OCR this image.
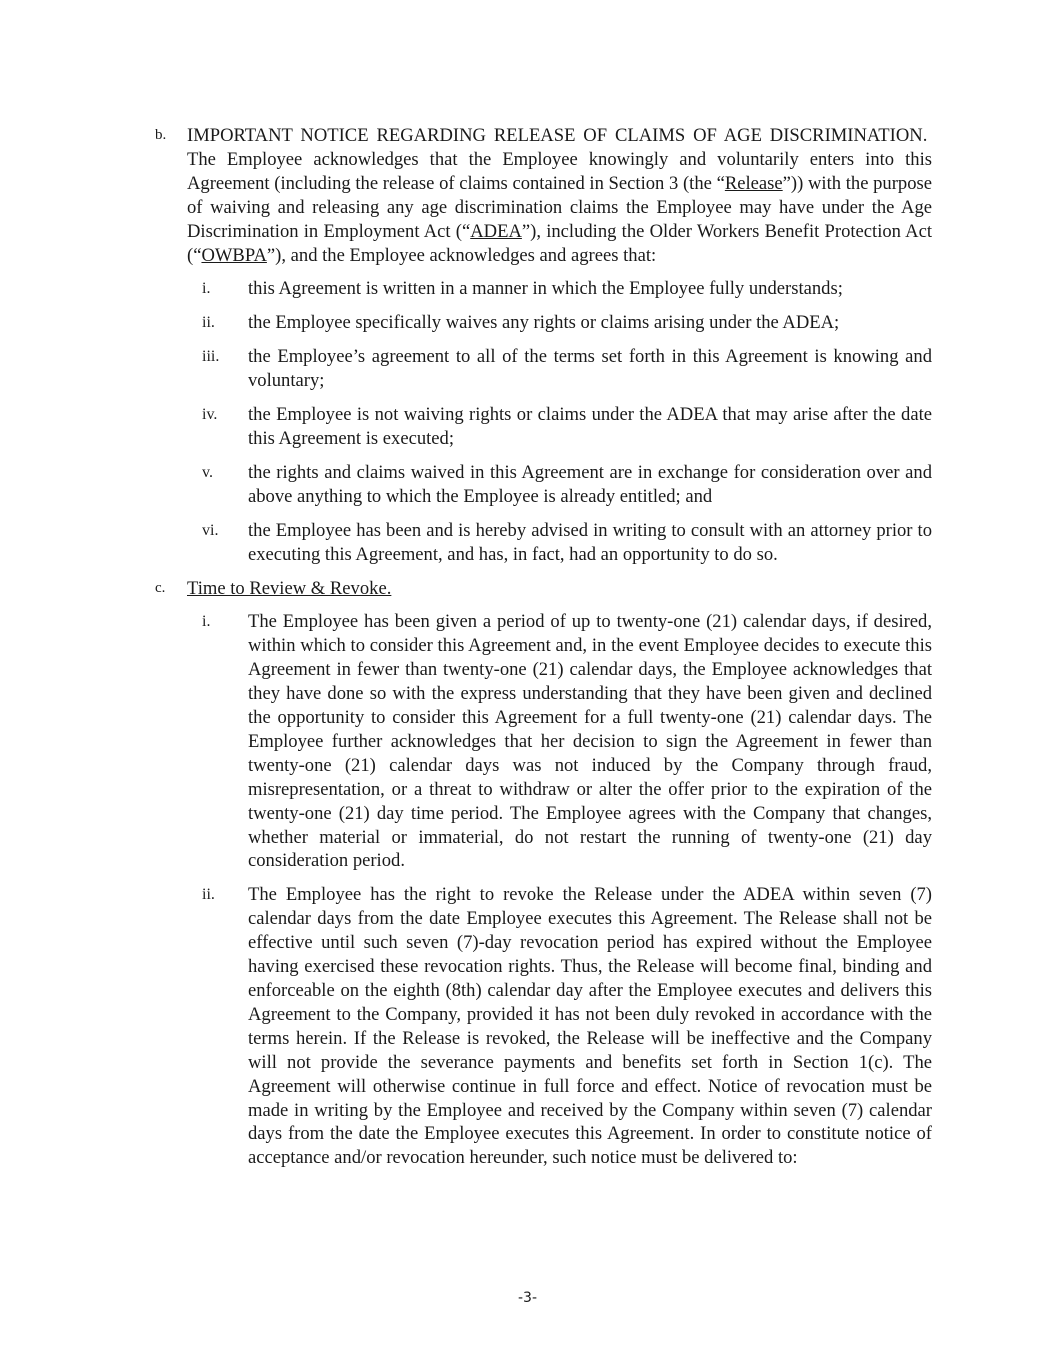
b. IMPORTANT NOTICE REGARDING RELEASE OF CLAIMS OF AGE DISCRIMINATION.  The Employee acknowledges that the Employee knowingly and voluntarily enters into this Agreement (including the release of claims contained in Section 3 (the “Release”)) with the purpose of waiving and releasing any age discrimination claims the Employee may have under the Age Discrimination in Employment Act (“ADEA”), including the Older Workers Benefit Protection Act (“OWBPA”), and the Employee acknowledges and agrees that:
i. this Agreement is written in a manner in which the Employee fully understands;
ii. the Employee specifically waives any rights or claims arising under the ADEA;
iii. the Employee’s agreement to all of the terms set forth in this Agreement is knowing and voluntary;
iv. the Employee is not waiving rights or claims under the ADEA that may arise after the date this Agreement is executed;
v. the rights and claims waived in this Agreement are in exchange for consideration over and above anything to which the Employee is already entitled; and
vi. the Employee has been and is hereby advised in writing to consult with an attorney prior to executing this Agreement, and has, in fact, had an opportunity to do so.
c. Time to Review & Revoke.
i. The Employee has been given a period of up to twenty-one (21) calendar days, if desired, within which to consider this Agreement and, in the event Employee decides to execute this Agreement in fewer than twenty-one (21) calendar days, the Employee acknowledges that they have done so with the express understanding that they have been given and declined the opportunity to consider this Agreement for a full twenty-one (21) calendar days. The Employee further acknowledges that her decision to sign the Agreement in fewer than twenty-one (21) calendar days was not induced by the Company through fraud, misrepresentation, or a threat to withdraw or alter the offer prior to the expiration of the twenty-one (21) day time period. The Employee agrees with the Company that changes, whether material or immaterial, do not restart the running of twenty-one (21) day consideration period.
ii. The Employee has the right to revoke the Release under the ADEA within seven (7) calendar days from the date Employee executes this Agreement. The Release shall not be effective until such seven (7)-day revocation period has expired without the Employee having exercised these revocation rights. Thus, the Release will become final, binding and enforceable on the eighth (8th) calendar day after the Employee executes and delivers this Agreement to the Company, provided it has not been duly revoked in accordance with the terms herein. If the Release is revoked, the Release will be ineffective and the Company will not provide the severance payments and benefits set forth in Section 1(c). The Agreement will otherwise continue in full force and effect. Notice of revocation must be made in writing by the Employee and received by the Company within seven (7) calendar days from the date the Employee executes this Agreement. In order to constitute notice of acceptance and/or revocation hereunder, such notice must be delivered to:
-3-
